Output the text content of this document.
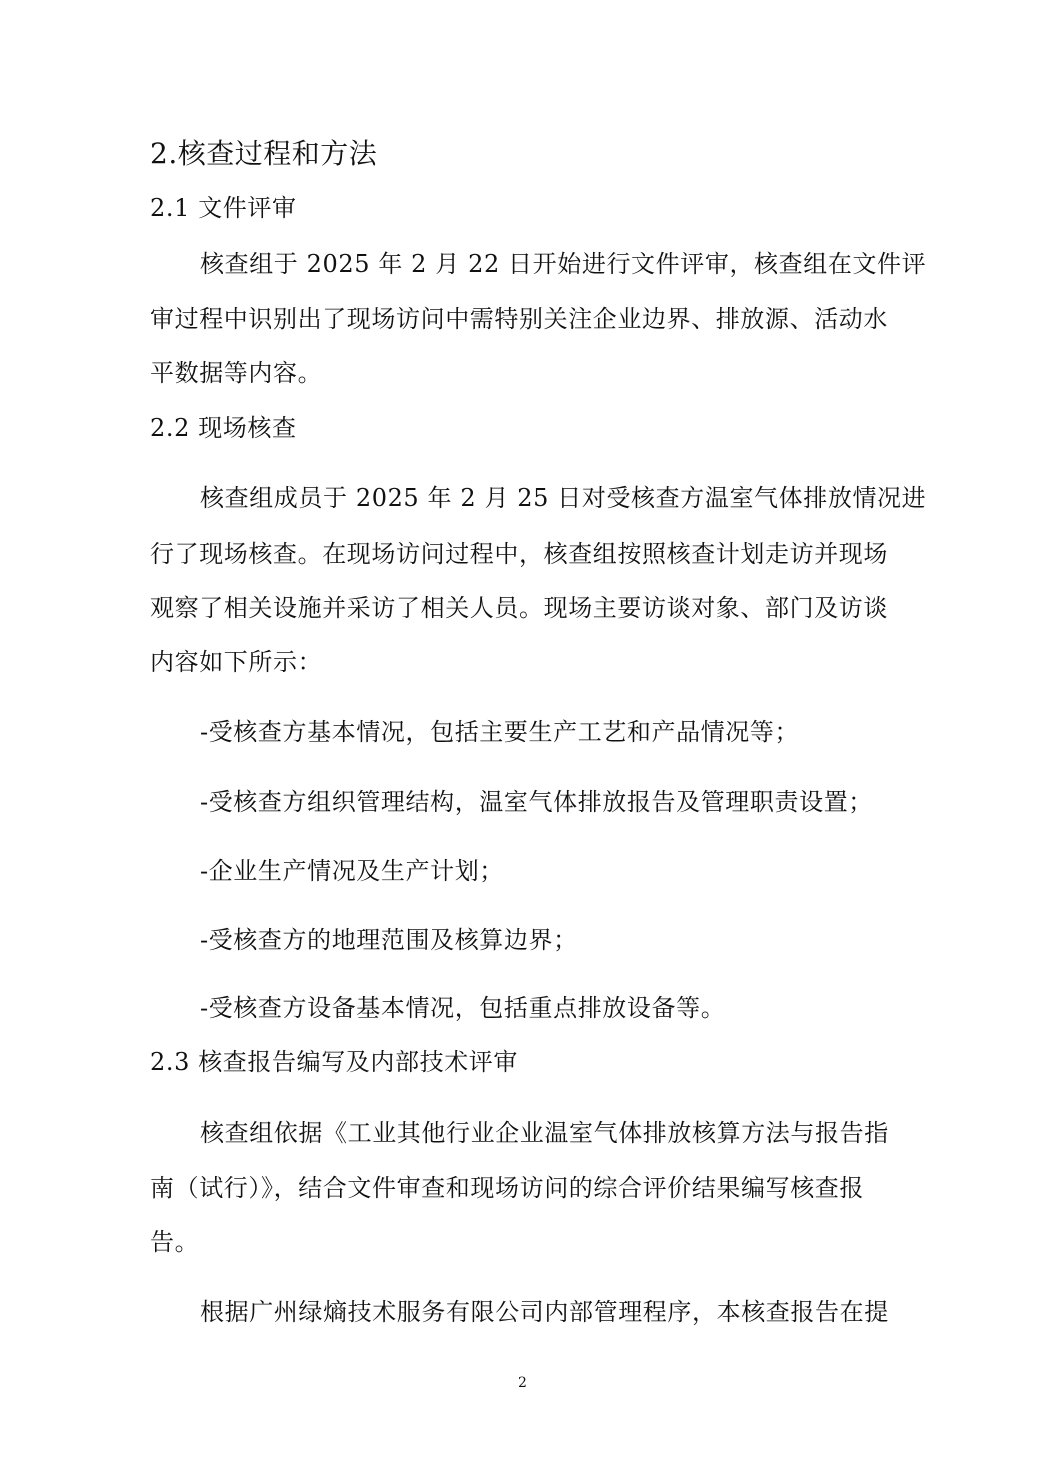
2.核查过程和方法
2.1 文件评审
核查组于 2025 年 2 月 22 日开始进行文件评审，核查组在文件评
审过程中识别出了现场访问中需特别关注企业边界、排放源、活动水
平数据等内容。
2.2 现场核查
核查组成员于 2025 年 2 月 25 日对受核查方温室气体排放情况进
行了现场核查。在现场访问过程中，核查组按照核查计划走访并现场
观察了相关设施并采访了相关人员。现场主要访谈对象、部门及访谈
内容如下所示：
-受核查方基本情况，包括主要生产工艺和产品情况等；
-受核查方组织管理结构，温室气体排放报告及管理职责设置；
-企业生产情况及生产计划；
-受核查方的地理范围及核算边界；
-受核查方设备基本情况，包括重点排放设备等。
2.3 核查报告编写及内部技术评审
核查组依据《工业其他行业企业温室气体排放核算方法与报告指
南（试行）》，结合文件审查和现场访问的综合评价结果编写核查报
告。
根据广州绿熵技术服务有限公司内部管理程序，本核查报告在提
2
